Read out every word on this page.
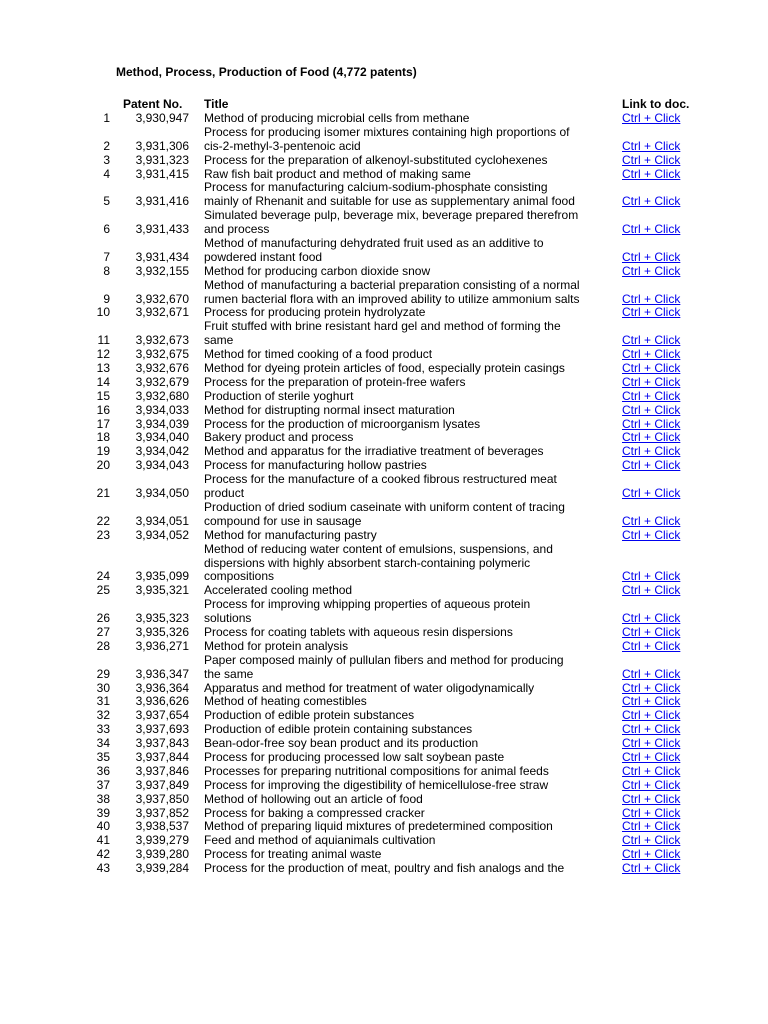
Method, Process, Production of Food (4,772 patents)
Patent No. Title	Link to doc.
1	3,930,947 Method of producing microbial cells from methane	Ctrl + Click
2	3,931,306
Process for producing isomer mixtures containing high proportions of
cis-2-methyl-3-pentenoic acid	Ctrl + Click
3	3,931,323 Process for the preparation of alkenoyl-substituted cyclohexenes	Ctrl + Click
4	3,931,415 Raw fish bait product and method of making same	Ctrl + Click
5	3,931,416
Process for manufacturing calcium-sodium-phosphate consisting
mainly of Rhenanit and suitable for use as supplementary animal food	Ctrl + Click
6	3,931,433
Simulated beverage pulp, beverage mix, beverage prepared therefrom
and process	Ctrl + Click
7	3,931,434
Method of manufacturing dehydrated fruit used as an additive to
powdered instant food	Ctrl + Click
8	3,932,155 Method for producing carbon dioxide snow	Ctrl + Click
9	3,932,670
Method of manufacturing a bacterial preparation consisting of a normal
rumen bacterial flora with an improved ability to utilize ammonium salts	Ctrl + Click
10	3,932,671 Process for producing protein hydrolyzate	Ctrl + Click
11	3,932,673
Fruit stuffed with brine resistant hard gel and method of forming the
same	Ctrl + Click
12	3,932,675 Method for timed cooking of a food product	Ctrl + Click
13	3,932,676 Method for dyeing protein articles of food, especially protein casings	Ctrl + Click
14	3,932,679 Process for the preparation of protein-free wafers	Ctrl + Click
15	3,932,680 Production of sterile yoghurt	Ctrl + Click
16	3,934,033 Method for distrupting normal insect maturation	Ctrl + Click
17	3,934,039 Process for the production of microorganism lysates	Ctrl + Click
18	3,934,040 Bakery product and process	Ctrl + Click
19	3,934,042 Method and apparatus for the irradiative treatment of beverages	Ctrl + Click
20	3,934,043 Process for manufacturing hollow pastries	Ctrl + Click
21	3,934,050
Process for the manufacture of a cooked fibrous restructured meat
product	Ctrl + Click
22	3,934,051
Production of dried sodium caseinate with uniform content of tracing
compound for use in sausage	Ctrl + Click
23	3,934,052 Method for manufacturing pastry	Ctrl + Click
24	3,935,099
Method of reducing water content of emulsions, suspensions, and
dispersions with highly absorbent starch-containing polymeric
compositions	Ctrl + Click
25	3,935,321 Accelerated cooling method	Ctrl + Click
26	3,935,323
Process for improving whipping properties of aqueous protein
solutions	Ctrl + Click
27	3,935,326 Process for coating tablets with aqueous resin dispersions	Ctrl + Click
28	3,936,271 Method for protein analysis	Ctrl + Click
29	3,936,347
Paper composed mainly of pullulan fibers and method for producing
the same	Ctrl + Click
30	3,936,364 Apparatus and method for treatment of water oligodynamically	Ctrl + Click
31	3,936,626 Method of heating comestibles	Ctrl + Click
32	3,937,654 Production of edible protein substances	Ctrl + Click
33	3,937,693 Production of edible protein containing substances	Ctrl + Click
34	3,937,843 Bean-odor-free soy bean product and its production	Ctrl + Click
35	3,937,844 Process for producing processed low salt soybean paste	Ctrl + Click
36	3,937,846 Processes for preparing nutritional compositions for animal feeds	Ctrl + Click
37	3,937,849 Process for improving the digestibility of hemicellulose-free straw	Ctrl + Click
38	3,937,850 Method of hollowing out an article of food	Ctrl + Click
39	3,937,852 Process for baking a compressed cracker	Ctrl + Click
40	3,938,537 Method of preparing liquid mixtures of predetermined composition	Ctrl + Click
41	3,939,279 Feed and method of aquianimals cultivation	Ctrl + Click
42	3,939,280 Process for treating animal waste	Ctrl + Click
43	3,939,284 Process for the production of meat, poultry and fish analogs and the	Ctrl + Click
